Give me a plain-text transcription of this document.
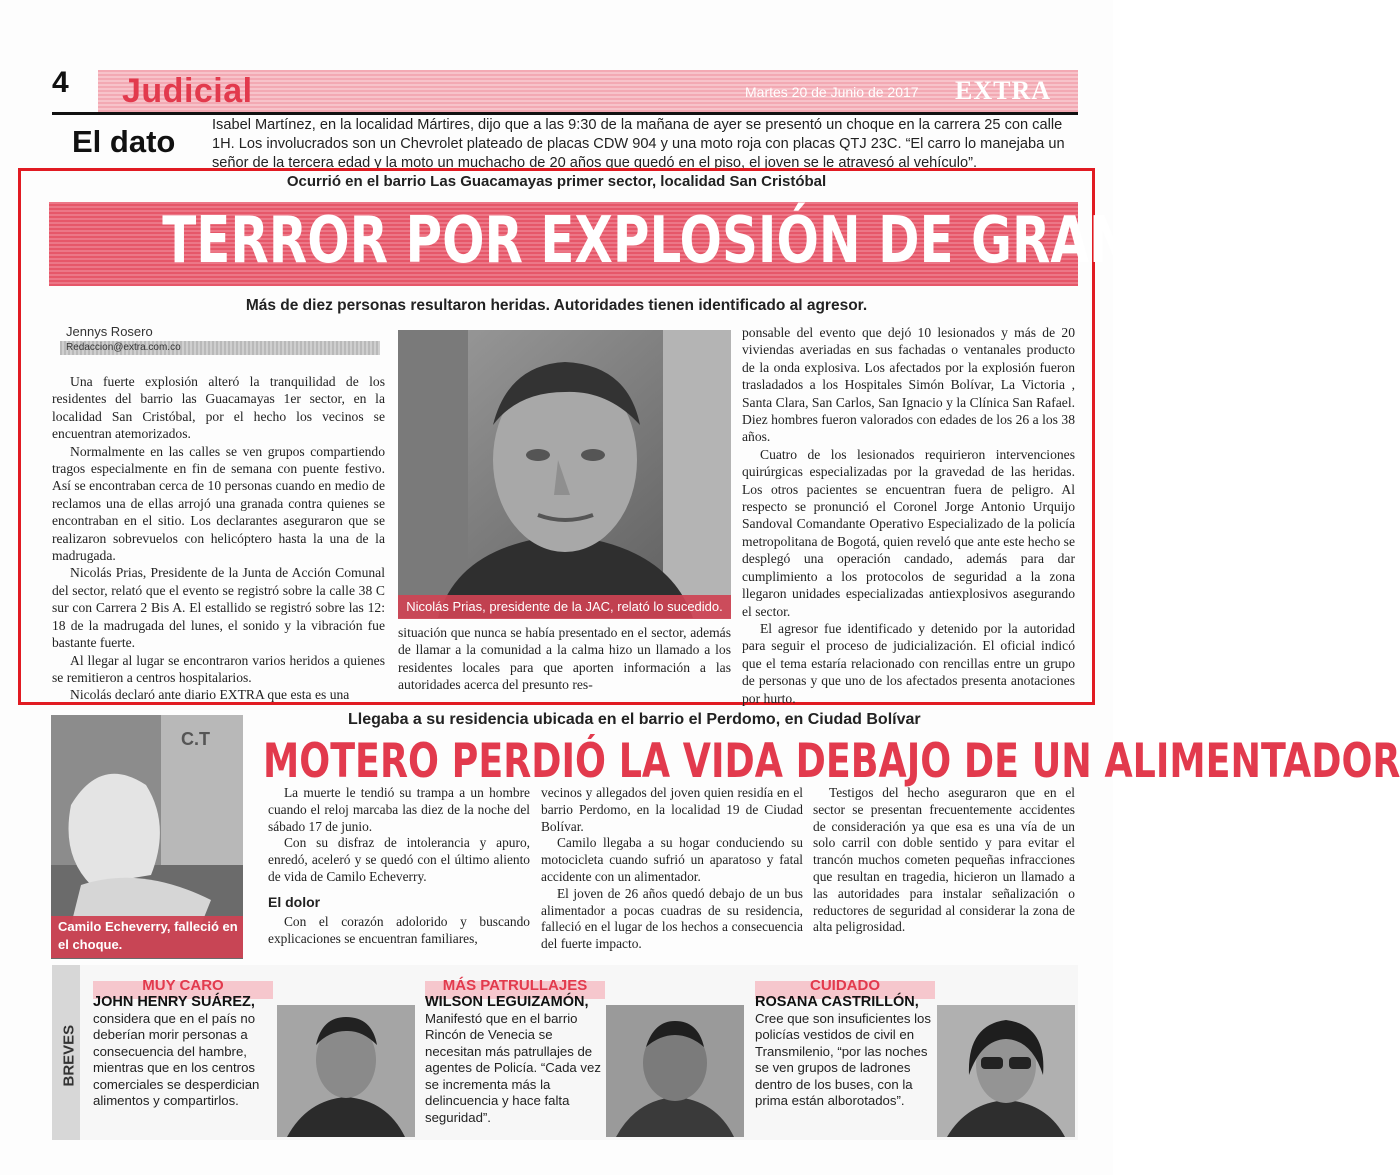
4 Judicial	Martes 20 de Junio de 2017 EXTRA
El dato	Isabel Martínez, en la localidad Mártires, dijo que a las 9:30 de la mañana de ayer se presentó un choque en la carrera 25 con calle 1H. Los involucrados son un Chevrolet plateado de placas CDW 904 y una moto roja con placas QTJ 23C. “El carro lo manejaba un señor de la tercera edad y la moto un muchacho de 20 años que quedó en el piso, el joven se le atravesó al vehículo”.
Ocurrió en el barrio Las Guacamayas primer sector, localidad San Cristóbal
TERROR POR EXPLOSIÓN DE GRANADA
Más de diez personas resultaron heridas. Autoridades tienen identificado al agresor.
Jennys Rosero
Redaccion@extra.com.co

Una fuerte explosión alteró la tranquilidad de los residentes del barrio las Guacamayas 1er sector, en la localidad San Cristóbal, por el hecho los vecinos se encuentran atemorizados.

Normalmente en las calles se ven grupos compartiendo tragos especialmente en fin de semana con puente festivo. Así se encontraban cerca de 10 personas cuando en medio de reclamos una de ellas arrojó una granada contra quienes se encontraban en el sitio. Los declarantes aseguraron que se realizaron sobrevuelos con helicóptero hasta la una de la madrugada.

Nicolás Prias, Presidente de la Junta de Acción Comunal del sector, relató que el evento se registró sobre la calle 38 C sur con Carrera 2 Bis A. El estallido se registró sobre las 12: 18 de la madrugada del lunes, el sonido y la vibración fue bastante fuerte.

Al llegar al lugar se encontraron varios heridos a quienes se remitieron a centros hospitalarios.

Nicolás declaró ante diario EXTRA que esta es una

Nicolás Prias, presidente de la JAC, relató lo sucedido.

situación que nunca se había presentado en el sector, además de llamar a la comunidad a la calma hizo un llamado a los residentes locales para que aporten información a las autoridades acerca del presunto res-

ponsable del evento que dejó 10 lesionados y más de 20 viviendas averiadas en sus fachadas o ventanales producto de la onda explosiva. Los afectados por la explosión fueron trasladados a los Hospitales Simón Bolívar, La Victoria , Santa Clara, San Carlos, San Ignacio y la Clínica San Rafael. Diez hombres fueron valorados con edades de los 26 a los 38 años.

Cuatro de los lesionados requirieron intervenciones quirúrgicas especializadas por la gravedad de las heridas. Los otros pacientes se encuentran fuera de peligro. Al respecto se pronunció el Coronel Jorge Antonio Urquijo Sandoval Comandante Operativo Especializado de la policía metropolitana de Bogotá, quien reveló que ante este hecho se desplegó una operación candado, además para dar cumplimiento a los protocolos de seguridad a la zona llegaron unidades especializadas antiexplosivos asegurando el sector.

El agresor fue identificado y detenido por la autoridad para seguir el proceso de judicialización. El oficial indicó que el tema estaría relacionado con rencillas entre un grupo de personas y que uno de los afectados presenta anotaciones por hurto.

C.T
Camilo Echeverry, falleció en el choque.
Llegaba a su residencia ubicada en el barrio el Perdomo, en Ciudad Bolívar
MOTERO PERDIÓ LA VIDA DEBAJO DE UN ALIMENTADOR

La muerte le tendió su trampa a un hombre cuando el reloj marcaba las diez de la noche del sábado 17 de junio.

Con su disfraz de intolerancia y apuro, enredó, aceleró y se quedó con el último aliento de vida de Camilo Echeverry.

El dolor

Con el corazón adolorido y buscando explicaciones se encuentran familiares,

vecinos y allegados del joven quien residía en el barrio Perdomo, en la localidad 19 de Ciudad Bolívar.

Camilo llegaba a su hogar conduciendo su motocicleta cuando sufrió un aparatoso y fatal accidente con un alimentador.

El joven de 26 años quedó debajo de un bus alimentador a pocas cuadras de su residencia, falleció en el lugar de los hechos a consecuencia del fuerte impacto.

Testigos del hecho aseguraron que en el sector se presentan frecuentemente accidentes de consideración ya que esa es una vía de un solo carril con doble sentido y para evitar el trancón muchos cometen pequeñas infracciones que resultan en tragedia, hicieron un llamado a las autoridades para instalar señalización o reductores de seguridad al considerar la zona de alta peligrosidad.

BREVES
MUY CARO
JOHN HENRY SUÁREZ, considera que en el país no deberían morir personas a consecuencia del hambre, mientras que en los centros comerciales se desperdician alimentos y compartirlos.
MÁS PATRULLAJES
WILSON LEGUIZAMÓN, Manifestó que en el barrio Rincón de Venecia se necesitan más patrullajes de agentes de Policía. “Cada vez se incrementa más la delincuencia y hace falta seguridad”.
CUIDADO
ROSANA CASTRILLÓN, Cree que son insuficientes los policías vestidos de civil en Transmilenio, “por las noches se ven grupos de ladrones dentro de los buses, con la prima están alborotados”.
